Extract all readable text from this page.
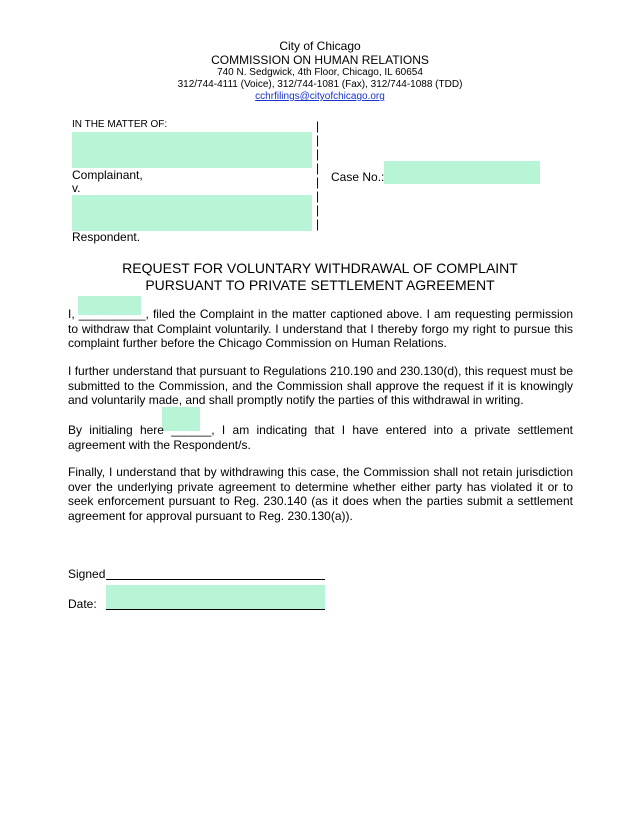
City of Chicago
COMMISSION ON HUMAN RELATIONS
740 N. Sedgwick, 4th Floor, Chicago, IL 60654
312/744-4111 (Voice), 312/744-1081 (Fax), 312/744-1088 (TDD)
cchrfilings@cityofchicago.org
IN THE MATTER OF:
Complainant,
v.
Respondent.
|
|
|
|
|
|
|
|
Case No.:
REQUEST FOR VOLUNTARY WITHDRAWAL OF COMPLAINT
PURSUANT TO PRIVATE SETTLEMENT AGREEMENT
I, __________, filed the Complaint in the matter captioned above. I am requesting permission to withdraw that Complaint voluntarily. I understand that I thereby forgo my right to pursue this complaint further before the Chicago Commission on Human Relations.
I further understand that pursuant to Regulations 210.190 and 230.130(d), this request must be submitted to the Commission, and the Commission shall approve the request if it is knowingly and voluntarily made, and shall promptly notify the parties of this withdrawal in writing.
By initialing here ______, I am indicating that I have entered into a private settlement agreement with the Respondent/s.
Finally, I understand that by withdrawing this case, the Commission shall not retain jurisdiction over the underlying private agreement to determine whether either party has violated it or to seek enforcement pursuant to Reg. 230.140 (as it does when the parties submit a settlement agreement for approval pursuant to Reg. 230.130(a)).
Signed
Date:
